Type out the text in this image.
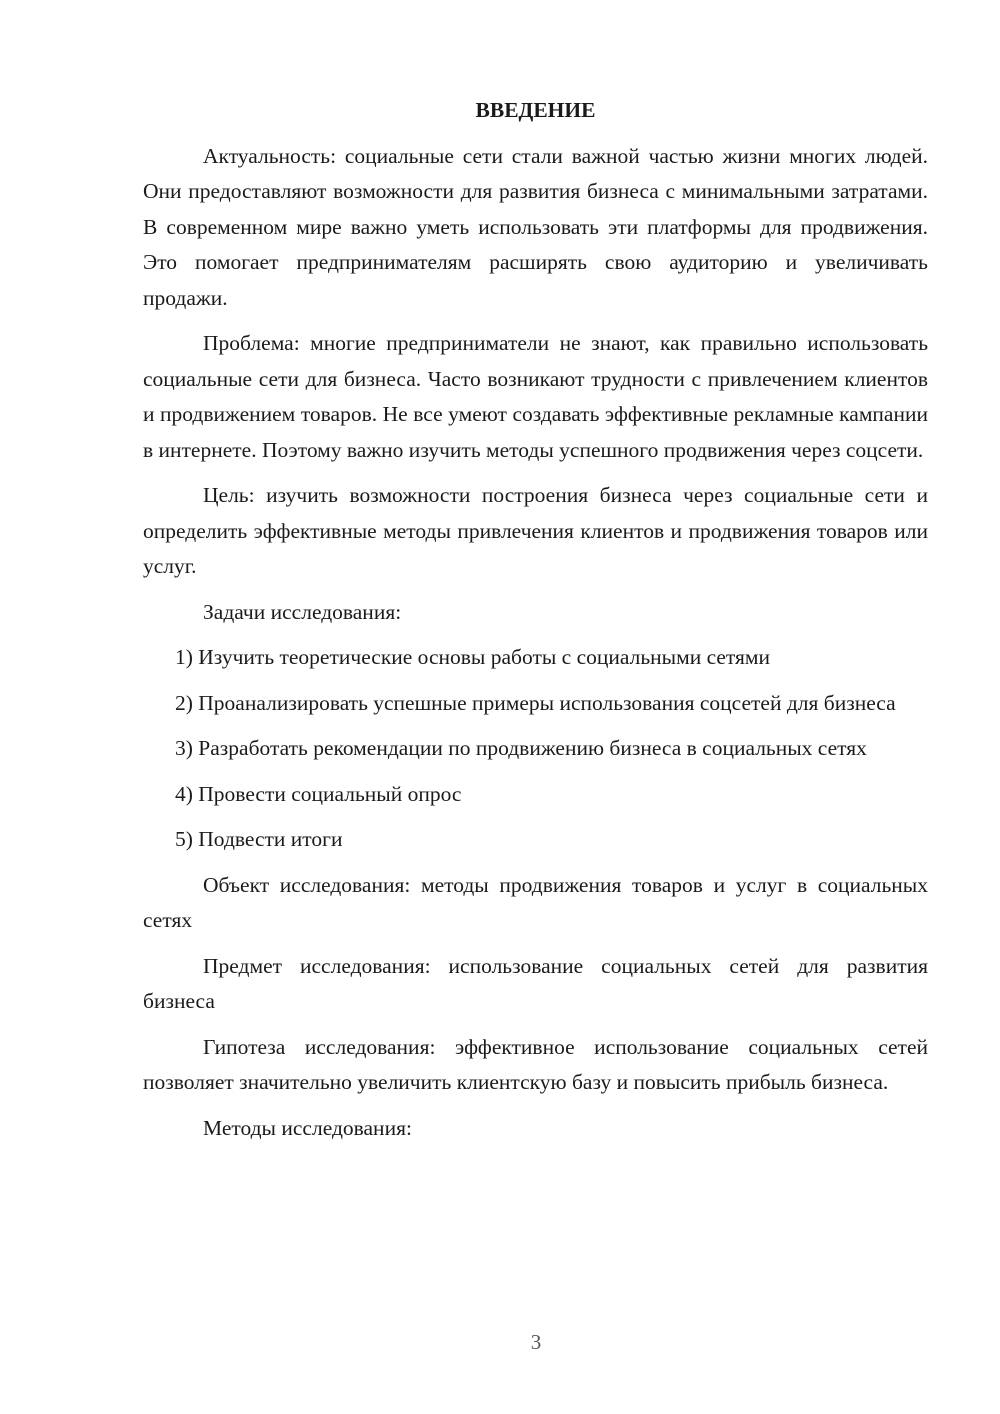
ВВЕДЕНИЕ

Актуальность: социальные сети стали важной частью жизни многих людей. Они предоставляют возможности для развития бизнеса с минимальными затратами. В современном мире важно уметь использовать эти платформы для продвижения. Это помогает предпринимателям расширять свою аудиторию и увеличивать продажи.

Проблема: многие предприниматели не знают, как правильно использовать социальные сети для бизнеса. Часто возникают трудности с привлечением клиентов и продвижением товаров. Не все умеют создавать эффективные рекламные кампании в интернете. Поэтому важно изучить методы успешного продвижения через соцсети.

Цель: изучить возможности построения бизнеса через социальные сети и определить эффективные методы привлечения клиентов и продвижения товаров или услуг.

Задачи исследования:

1) Изучить теоретические основы работы с социальными сетями

2) Проанализировать успешные примеры использования соцсетей для бизнеса

3) Разработать рекомендации по продвижению бизнеса в социальных сетях

4) Провести социальный опрос

5) Подвести итоги

Объект исследования: методы продвижения товаров и услуг в социальных сетях

Предмет исследования: использование социальных сетей для развития бизнеса

Гипотеза исследования: эффективное использование социальных сетей позволяет значительно увеличить клиентскую базу и повысить прибыль бизнеса.

Методы исследования:

3
